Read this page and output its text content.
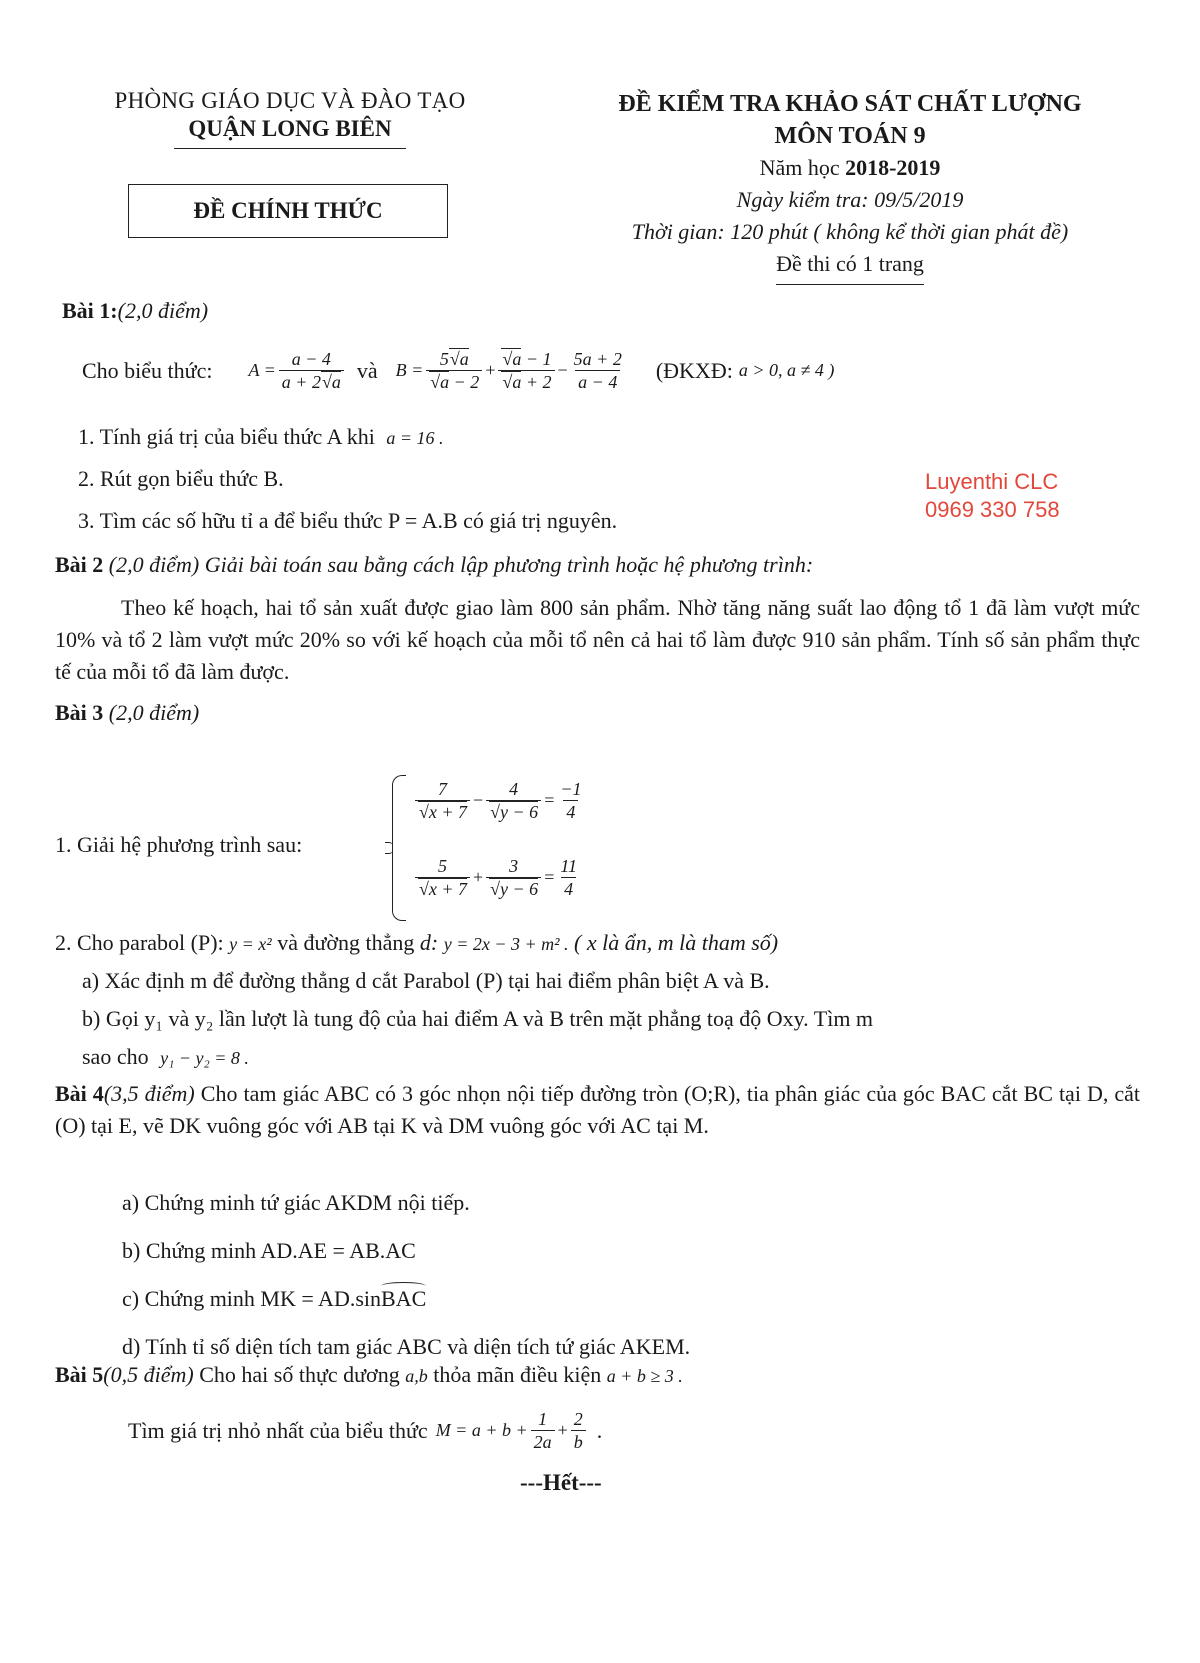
PHÒNG GIÁO DỤC VÀ ĐÀO TẠO
QUẬN LONG BIÊN
ĐỀ CHÍNH THỨC
ĐỀ KIỂM TRA KHẢO SÁT CHẤT LƯỢNG
MÔN TOÁN 9
Năm học 2018-2019
Ngày kiểm tra: 09/5/2019
Thời gian: 120 phút ( không kể thời gian phát đề)
Đề thi có 1 trang
Bài 1:(2,0 điểm)
Cho biểu thức: $A = \frac{a - 4}{a + 2√a}$ và $B = \frac{5√a}{√a - 2} + \frac{√a - 1}{√a + 2} - \frac{5a + 2}{a - 4}$ (ĐKXĐ: a > 0, a ≠ 4 )
1. Tính giá trị của biểu thức A khi a = 16 .
2. Rút gọn biểu thức B.
3. Tìm các số hữu tỉ a để biểu thức P = A.B có giá trị nguyên.
Luyenthi CLC
0969 330 758
Bài 2 (2,0 điểm) Giải bài toán sau bằng cách lập phương trình hoặc hệ phương trình:
Theo kế hoạch, hai tổ sản xuất được giao làm 800 sản phẩm. Nhờ tăng năng suất lao động tổ 1 đã làm vượt mức 10% và tổ 2 làm vượt mức 20% so với kế hoạch của mỗi tổ nên cả hai tổ làm được 910 sản phẩm. Tính số sản phẩm thực tế của mỗi tổ đã làm được.
Bài 3 (2,0 điểm)
1. Giải hệ phương trình sau:
$\frac{7}{√x + 7} - \frac{4}{√y - 6} = \frac{-1}{4}$
$\frac{5}{√x + 7} + \frac{3}{√y - 6} = \frac{11}{4}$
2. Cho parabol (P): y = x² và đường thẳng d: y = 2x − 3 + m² . ( x là ẩn, m là tham số)
a) Xác định m để đường thẳng d cắt Parabol (P) tại hai điểm phân biệt A và B.
b) Gọi y₁ và y₂ lần lượt là tung độ của hai điểm A và B trên mặt phẳng toạ độ Oxy. Tìm m
sao cho y₁ − y₂ = 8 .
Bài 4(3,5 điểm) Cho tam giác ABC có 3 góc nhọn nội tiếp đường tròn (O;R), tia phân giác của góc BAC cắt BC tại D, cắt (O) tại E, vẽ DK vuông góc với AB tại K và DM vuông góc với AC tại M.
a) Chứng minh tứ giác AKDM nội tiếp.
b) Chứng minh AD.AE = AB.AC
c) Chứng minh MK = AD.sinBAC
d) Tính tỉ số diện tích tam giác ABC và diện tích tứ giác AKEM.
Bài 5(0,5 điểm) Cho hai số thực dương a,b thỏa mãn điều kiện a + b ≥ 3 .
Tìm giá trị nhỏ nhất của biểu thức $M = a + b + \frac{1}{2a} + \frac{2}{b}$ .
---Hết---
